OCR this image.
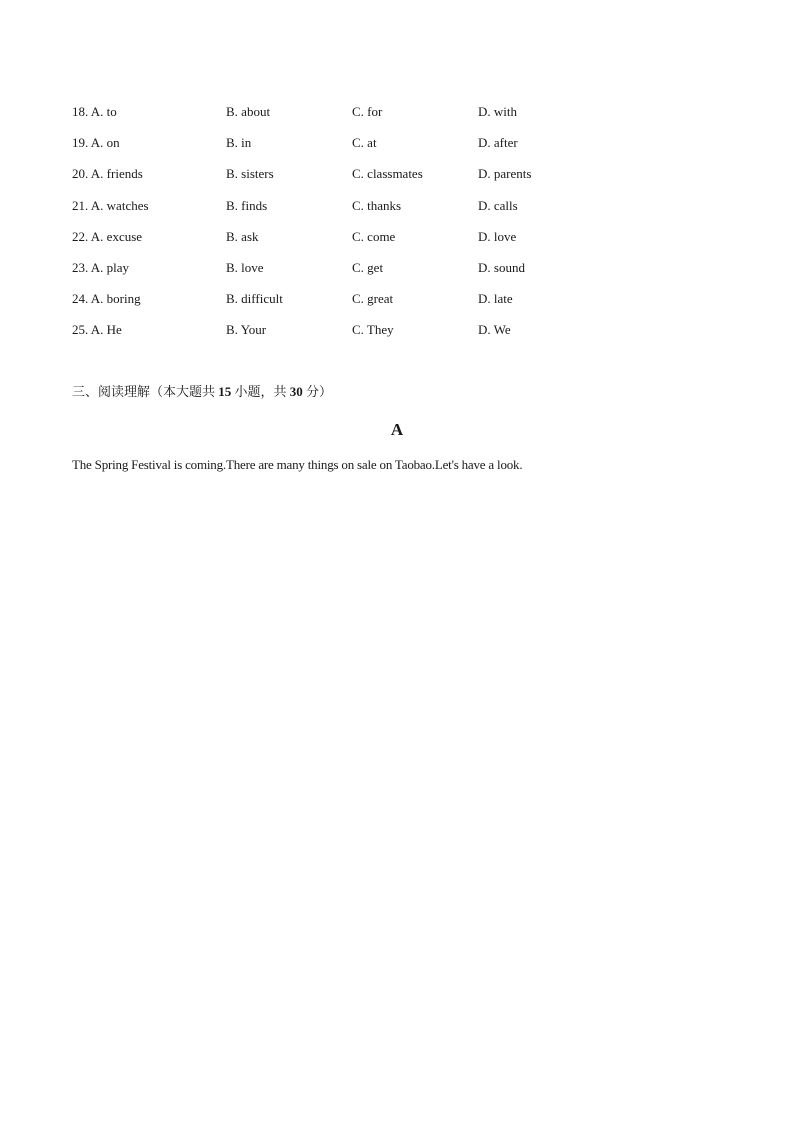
18. A. to	B. about	C. for	D. with
19. A. on	B. in	C. at	D. after
20. A. friends	B. sisters	C. classmates	D. parents
21. A. watches	B. finds	C. thanks	D. calls
22. A. excuse	B. ask	C. come	D. love
23. A. play	B. love	C. get	D. sound
24. A. boring	B. difficult	C. great	D. late
25. A. He	B. Your	C. They	D. We
三、阅读理解（本大题共 15 小题，共 30 分）
A
The Spring Festival is coming.There are many things on sale on Taobao.Let's have a look.
